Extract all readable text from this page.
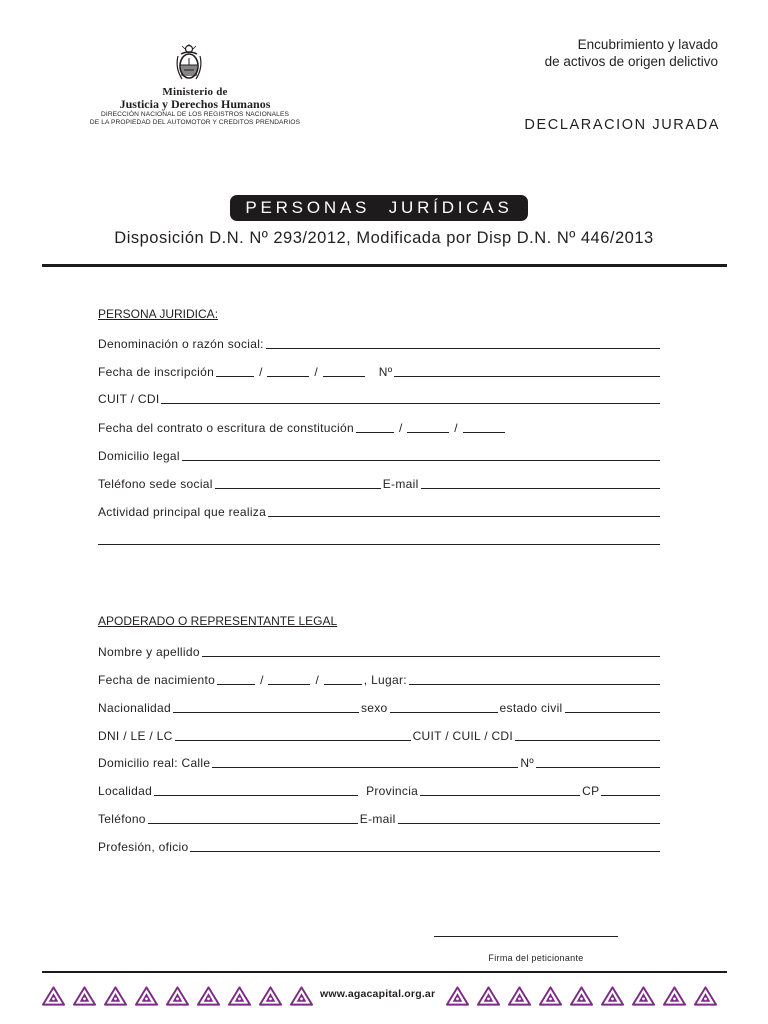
Ministerio de
Justicia y Derechos Humanos
DIRECCIÓN NACIONAL DE LOS REGISTROS NACIONALES
DE LA PROPIEDAD DEL AUTOMOTOR Y CREDITOS PRENDARIOS
Encubrimiento y lavado
de activos de origen delictivo
DECLARACION JURADA
PERSONAS JURÍDICAS
Disposición D.N. Nº 293/2012, Modificada por Disp D.N. Nº 446/2013
PERSONA JURIDICA:
Denominación o razón social:
Fecha de inscripción	/	/	Nº
CUIT / CDI
Fecha del contrato o escritura de constitución	/	/
Domicilio legal
Teléfono sede social	E-mail
Actividad principal que realiza
APODERADO O REPRESENTANTE LEGAL
Nombre y apellido
Fecha de nacimiento	/	/	, Lugar:
Nacionalidad	sexo	estado civil
DNI / LE / LC	CUIT / CUIL / CDI
Domicilio real: Calle	Nº
Localidad	Provincia	CP
Teléfono	E-mail
Profesión, oficio
Firma del peticionante
www.agacapital.org.ar
